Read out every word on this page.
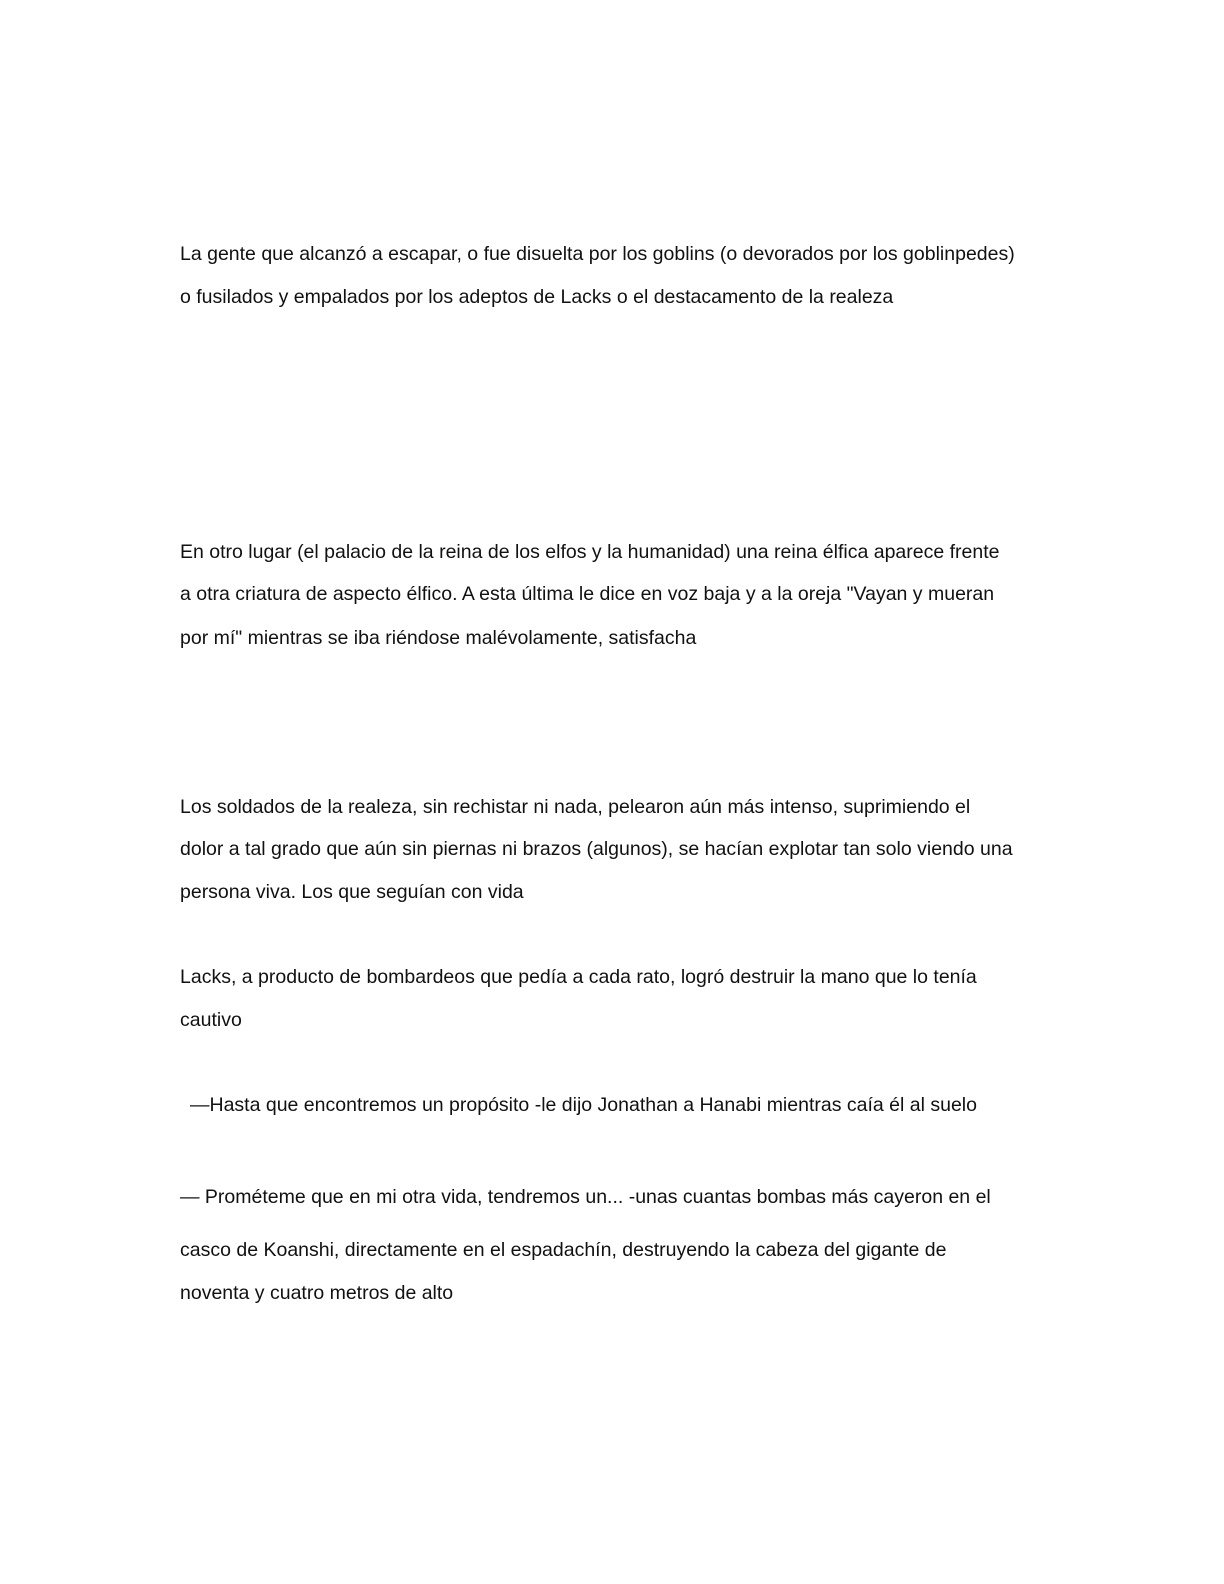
La gente que alcanzó a escapar, o fue disuelta por los goblins (o devorados por los goblinpedes)

o fusilados y empalados por los adeptos de Lacks o el destacamento de la realeza

En otro lugar (el palacio de la reina de los elfos y la humanidad) una reina élfica aparece frente

a otra criatura de aspecto élfico. A esta última le dice en voz baja y a la oreja "Vayan y mueran

por mí" mientras se iba riéndose malévolamente, satisfacha

Los soldados de la realeza, sin rechistar ni nada, pelearon aún más intenso, suprimiendo el

dolor a tal grado que aún sin piernas ni brazos (algunos), se hacían explotar tan solo viendo una

persona viva. Los que seguían con vida

Lacks, a producto de bombardeos que pedía a cada rato, logró destruir la mano que lo tenía

cautivo

—Hasta que encontremos un propósito -le dijo Jonathan a Hanabi mientras caía él al suelo

— Prométeme que en mi otra vida, tendremos un... -unas cuantas bombas más cayeron en el

casco de Koanshi, directamente en el espadachín, destruyendo la cabeza del gigante de

noventa y cuatro metros de alto
